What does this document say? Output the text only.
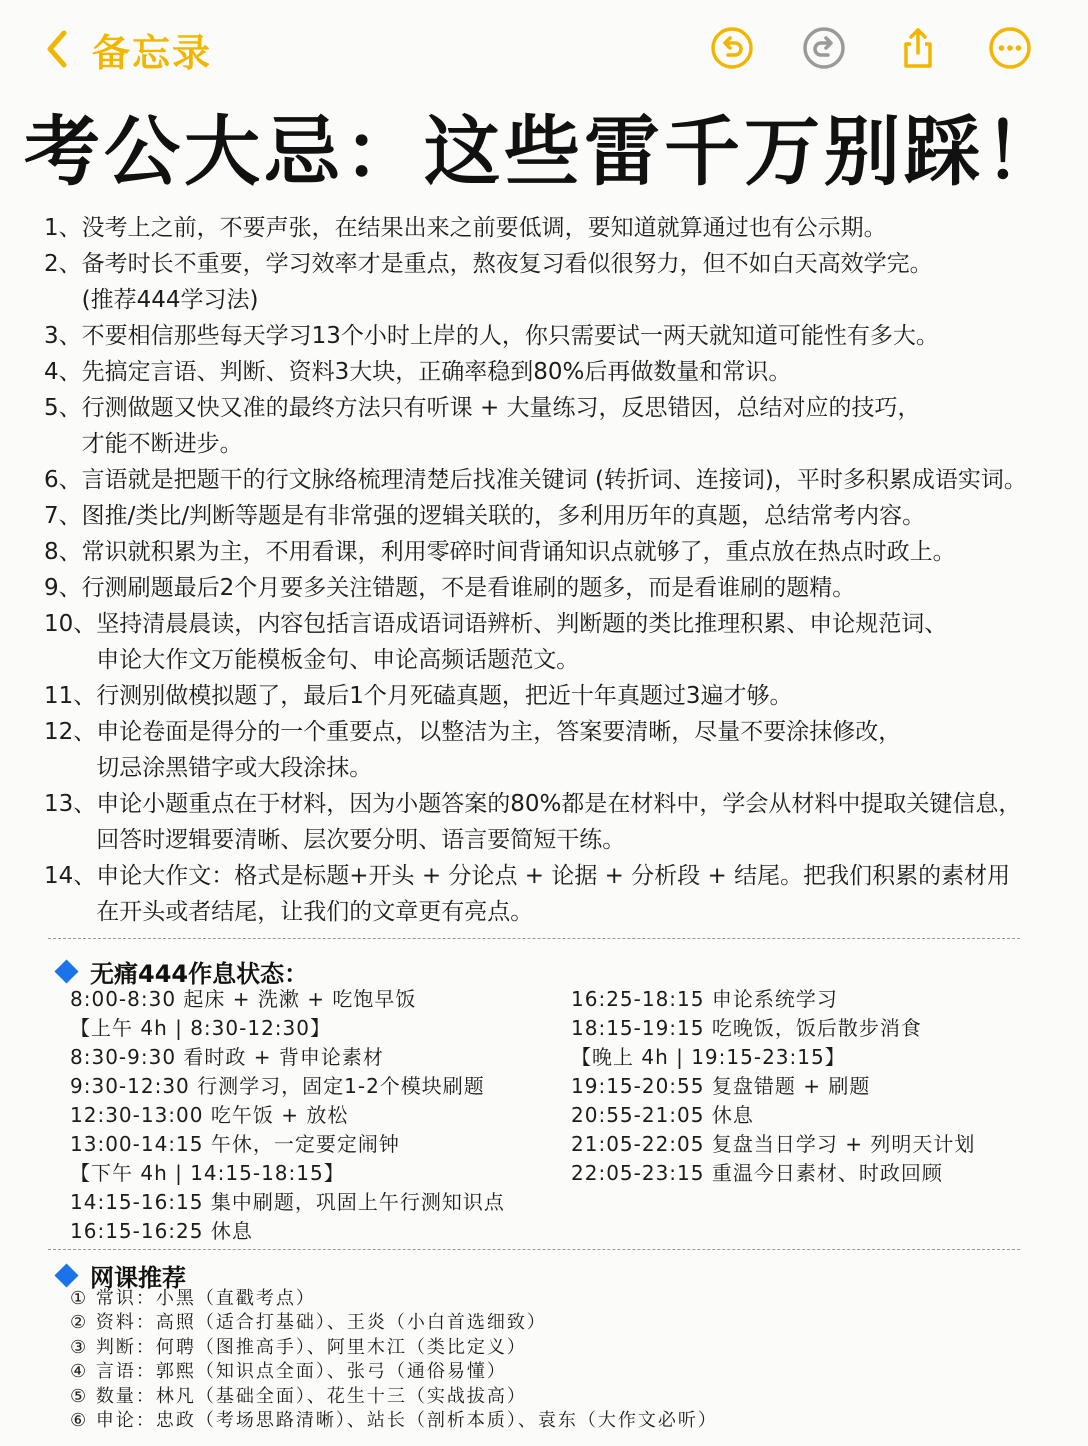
备忘录
考公大忌：这些雷千万别踩！
1、 没考上之前，不要声张，在结果出来之前要低调，要知道就算通过也有公示期。
2、 备考时长不重要，学习效率才是重点，熬夜复习看似很努力，但不如白天高效学完。
(推荐444学习法)
3、 不要相信那些每天学习13个小时上岸的人，你只需要试一两天就知道可能性有多大。
4、 先搞定言语、判断、资料3大块，正确率稳到80%后再做数量和常识。
5、 行测做题又快又准的最终方法只有听课 + 大量练习，反思错因，总结对应的技巧，
才能不断进步。
6、 言语就是把题干的行文脉络梳理清楚后找准关键词 (转折词、连接词)，平时多积累成语实词。
7、 图推/类比/判断等题是有非常强的逻辑关联的，多利用历年的真题，总结常考内容。
8、 常识就积累为主，不用看课，利用零碎时间背诵知识点就够了，重点放在热点时政上。
9、 行测刷题最后2个月要多关注错题，不是看谁刷的题多，而是看谁刷的题精。
10、 坚持清晨晨读，内容包括言语成语词语辨析、判断题的类比推理积累、申论规范词、
申论大作文万能模板金句、申论高频话题范文。
11、 行测别做模拟题了，最后1个月死磕真题，把近十年真题过3遍才够。
12、 申论卷面是得分的一个重要点，以整洁为主，答案要清晰，尽量不要涂抹修改，
切忌涂黑错字或大段涂抹。
13、 申论小题重点在于材料，因为小题答案的80%都是在材料中，学会从材料中提取关键信息，
回答时逻辑要清晰、层次要分明、语言要简短干练。
14、 申论大作文：格式是标题+开头 + 分论点 + 论据 + 分析段 + 结尾。把我们积累的素材用
在开头或者结尾，让我们的文章更有亮点。
无痛444作息状态：
8:00-8:30 起床 + 洗漱 + 吃饱早饭
【上午 4h | 8:30-12:30】
8:30-9:30 看时政 + 背申论素材
9:30-12:30 行测学习，固定1-2个模块刷题
12:30-13:00 吃午饭 + 放松
13:00-14:15 午休，一定要定闹钟
【下午 4h | 14:15-18:15】
14:15-16:15 集中刷题，巩固上午行测知识点
16:15-16:25 休息
16:25-18:15 申论系统学习
18:15-19:15 吃晚饭，饭后散步消食
【晚上 4h | 19:15-23:15】
19:15-20:55 复盘错题 + 刷题
20:55-21:05 休息
21:05-22:05 复盘当日学习 + 列明天计划
22:05-23:15 重温今日素材、时政回顾
网课推荐
① 常识：小黑（直戳考点）
② 资料：高照（适合打基础）、王炎（小白首选细致）
③ 判断：何聘（图推高手）、阿里木江（类比定义）
④ 言语：郭熙（知识点全面）、张弓（通俗易懂）
⑤ 数量：林凡（基础全面）、花生十三（实战拔高）
⑥ 申论：忠政（考场思路清晰）、站长（剖析本质）、袁东（大作文必听）
